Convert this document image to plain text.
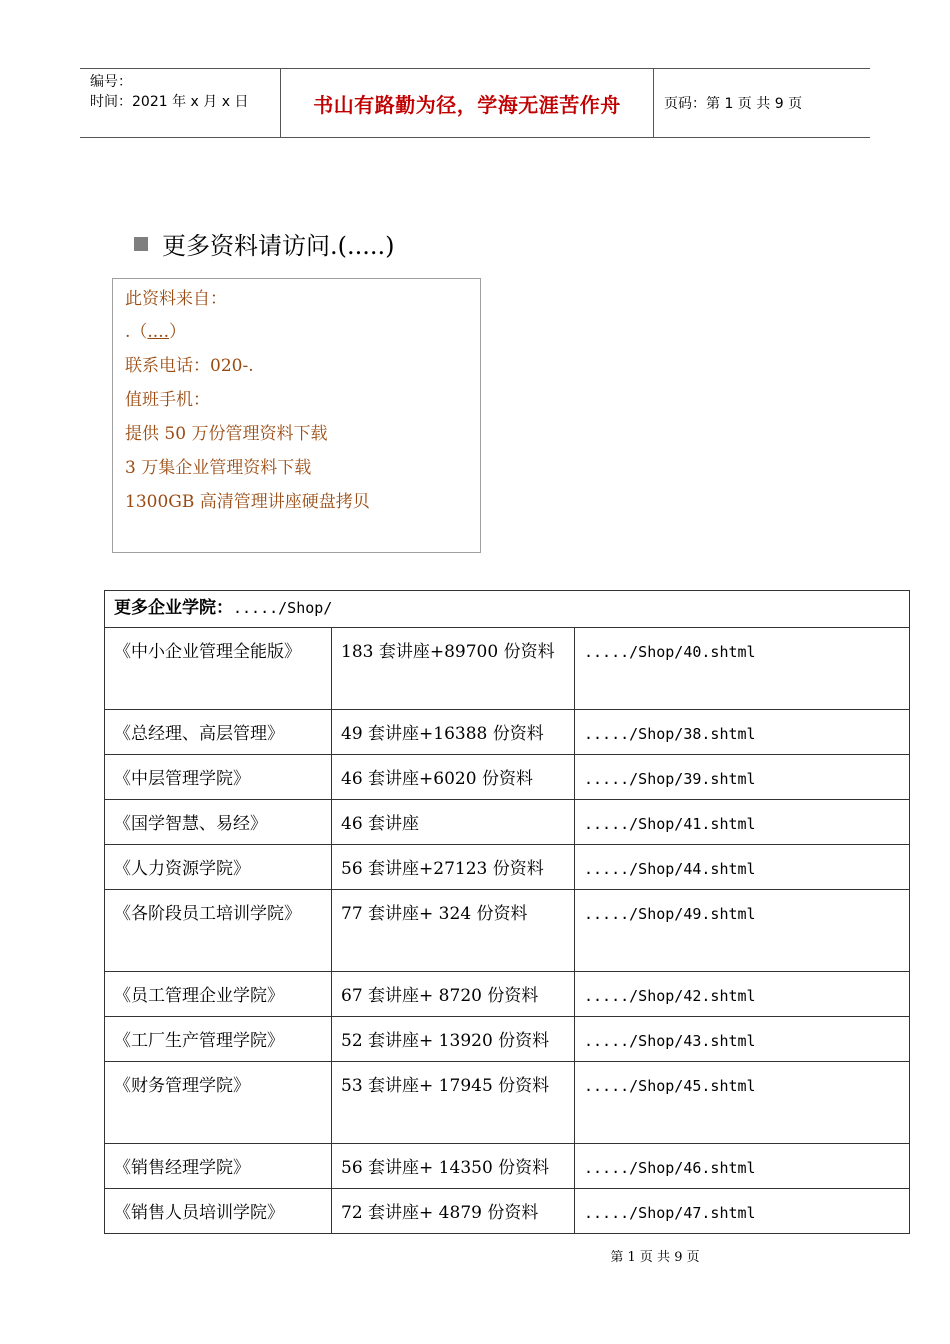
编号：
时间：2021 年 x 月 x 日	书山有路勤为径，学海无涯苦作舟	页码：第 1 页 共 9 页
更多资料请访问.(.....)
此资料来自：
.（....）
联系电话：020-.
值班手机：
提供 50 万份管理资料下载
3 万集企业管理资料下载
1300GB 高清管理讲座硬盘拷贝
更多企业学院：...../Shop/		
《中小企业管理全能版》	183 套讲座+89700 份资料	...../Shop/40.shtml
《总经理、高层管理》	49 套讲座+16388 份资料	...../Shop/38.shtml
《中层管理学院》	46 套讲座+6020 份资料	...../Shop/39.shtml
《国学智慧、易经》	46 套讲座	...../Shop/41.shtml
《人力资源学院》	56 套讲座+27123 份资料	...../Shop/44.shtml
《各阶段员工培训学院》	77 套讲座+ 324 份资料	...../Shop/49.shtml
《员工管理企业学院》	67 套讲座+ 8720 份资料	...../Shop/42.shtml
《工厂生产管理学院》	52 套讲座+ 13920 份资料	...../Shop/43.shtml
《财务管理学院》	53 套讲座+ 17945 份资料	...../Shop/45.shtml
《销售经理学院》	56 套讲座+ 14350 份资料	...../Shop/46.shtml
《销售人员培训学院》	72 套讲座+ 4879 份资料	...../Shop/47.shtml
第 1 页 共 9 页
